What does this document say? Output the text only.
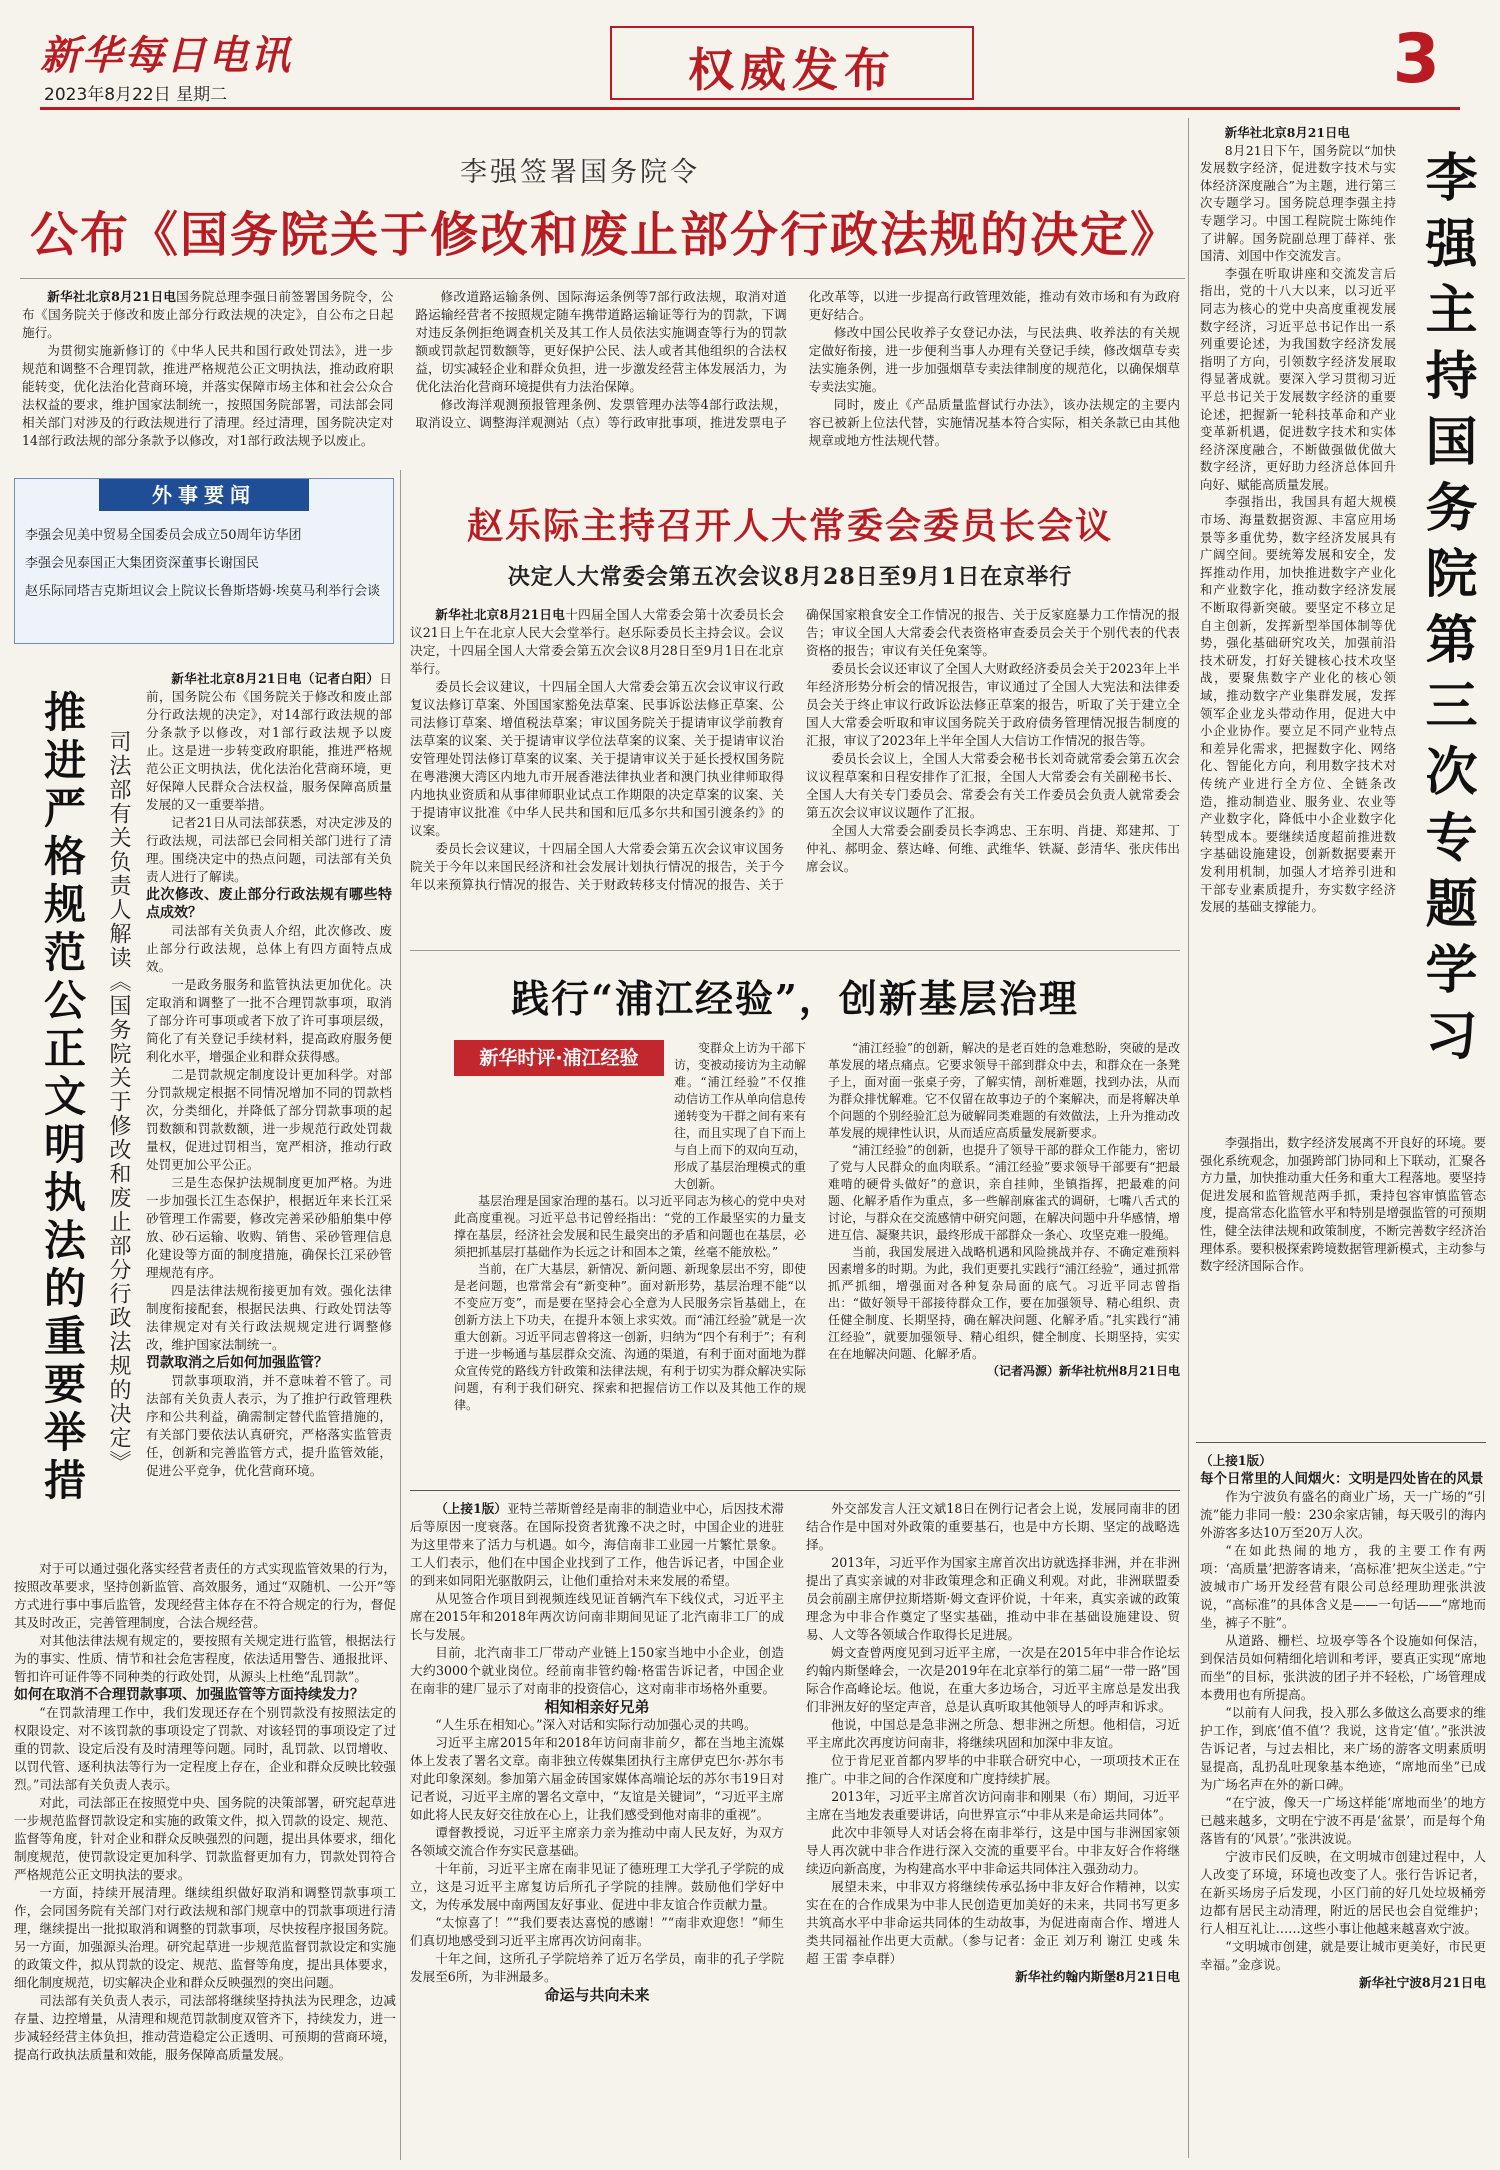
新华每日电讯
2023年8月22日 星期二	权威发布	3
李强签署国务院令
公布《国务院关于修改和废止部分行政法规的决定》

新华社北京8月21日电国务院总理李强日前签署国务院令，公布《国务院关于修改和废止部分行政法规的决定》，自公布之日起施行。

为贯彻实施新修订的《中华人民共和国行政处罚法》，进一步规范和调整不合理罚款，推进严格规范公正文明执法，推动政府职能转变，优化法治化营商环境，并落实保障市场主体和社会公众合法权益的要求，维护国家法制统一，按照国务院部署，司法部会同相关部门对涉及的行政法规进行了清理。经过清理，国务院决定对14部行政法规的部分条款予以修改，对1部行政法规予以废止。

修改道路运输条例、国际海运条例等7部行政法规，取消对道路运输经营者不按照规定随车携带道路运输证等行为的罚款，下调对违反条例拒绝调查机关及其工作人员依法实施调查等行为的罚款额或罚款起罚数额等，更好保护公民、法人或者其他组织的合法权益，切实减轻企业和群众负担，进一步激发经营主体发展活力，为优化法治化营商环境提供有力法治保障。

修改海洋观测预报管理条例、发票管理办法等4部行政法规，取消设立、调整海洋观测站（点）等行政审批事项，推进发票电子化改革等，以进一步提高行政管理效能，推动有效市场和有为政府更好结合。

修改中国公民收养子女登记办法，与民法典、收养法的有关规定做好衔接，进一步便利当事人办理有关登记手续，修改烟草专卖法实施条例，进一步加强烟草专卖法律制度的规范化，以确保烟草专卖法实施。

同时，废止《产品质量监督试行办法》，该办法规定的主要内容已被新上位法代替，实施情况基本符合实际，相关条款已由其他规章或地方性法规代替。

外事要闻
李强会见美中贸易全国委员会成立50周年访华团
李强会见泰国正大集团资深董事长谢国民
赵乐际同塔吉克斯坦议会上院议长鲁斯塔姆·埃莫马利举行会谈
赵乐际主持召开人大常委会委员长会议
决定人大常委会第五次会议8月28日至9月1日在京举行

新华社北京8月21日电十四届全国人大常委会第十次委员长会议21日上午在北京人民大会堂举行。赵乐际委员长主持会议。会议决定，十四届全国人大常委会第五次会议8月28日至9月1日在北京举行。

委员长会议建议，十四届全国人大常委会第五次会议审议行政复议法修订草案、外国国家豁免法草案、民事诉讼法修正草案、公司法修订草案、增值税法草案；审议国务院关于提请审议学前教育法草案的议案、关于提请审议学位法草案的议案、关于提请审议治安管理处罚法修订草案的议案、关于提请审议关于延长授权国务院在粤港澳大湾区内地九市开展香港法律执业者和澳门执业律师取得内地执业资质和从事律师职业试点工作期限的决定草案的议案、关于提请审议批准《中华人民共和国和厄瓜多尔共和国引渡条约》的议案。

委员长会议建议，十四届全国人大常委会第五次会议审议国务院关于今年以来国民经济和社会发展计划执行情况的报告，关于今年以来预算执行情况的报告、关于财政转移支付情况的报告、关于确保国家粮食安全工作情况的报告、关于反家庭暴力工作情况的报告；审议全国人大常委会代表资格审查委员会关于个别代表的代表资格的报告；审议有关任免案等。

委员长会议还审议了全国人大财政经济委员会关于2023年上半年经济形势分析会的情况报告，审议通过了全国人大宪法和法律委员会关于终止审议行政诉讼法修正草案的报告，听取了关于建立全国人大常委会听取和审议国务院关于政府债务管理情况报告制度的汇报，审议了2023年上半年全国人大信访工作情况的报告等。

委员长会议上，全国人大常委会秘书长刘奇就常委会第五次会议议程草案和日程安排作了汇报，全国人大常委会有关副秘书长、全国人大有关专门委员会、常委会有关工作委员会负责人就常委会第五次会议审议议题作了汇报。

全国人大常委会副委员长李鸿忠、王东明、肖捷、郑建邦、丁仲礼、郝明金、蔡达峰、何维、武维华、铁凝、彭清华、张庆伟出席会议。

推进严格规范公正文明执法的重要举措 司法部有关负责人解读《国务院关于修改和废止部分行政法规的决定》

新华社北京8月21日电（记者白阳）日前，国务院公布《国务院关于修改和废止部分行政法规的决定》，对14部行政法规的部分条款予以修改，对1部行政法规予以废止。这是进一步转变政府职能，推进严格规范公正文明执法，优化法治化营商环境，更好保障人民群众合法权益，服务保障高质量发展的又一重要举措。

记者21日从司法部获悉，对决定涉及的行政法规，司法部已会同相关部门进行了清理。围绕决定中的热点问题，司法部有关负责人进行了解读。

此次修改、废止部分行政法规有哪些特点成效？

司法部有关负责人介绍，此次修改、废止部分行政法规，总体上有四方面特点成效。

一是政务服务和监管执法更加优化。决定取消和调整了一批不合理罚款事项，取消了部分许可事项或者下放了许可事项层级，简化了有关登记手续材料，提高政府服务便利化水平，增强企业和群众获得感。

二是罚款规定制度设计更加科学。对部分罚款规定根据不同情况增加不同的罚款档次，分类细化，并降低了部分罚款事项的起罚数额和罚款数额，进一步规范行政处罚裁量权，促进过罚相当，宽严相济，推动行政处罚更加公平公正。

三是生态保护法规制度更加严格。为进一步加强长江生态保护，根据近年来长江采砂管理工作需要，修改完善采砂船舶集中停放、砂石运输、收购、销售、采砂管理信息化建设等方面的制度措施，确保长江采砂管理规范有序。

四是法律法规衔接更加有效。强化法律制度衔接配套，根据民法典、行政处罚法等法律规定对有关行政法规规定进行调整修改，维护国家法制统一。

罚款取消之后如何加强监管？

罚款事项取消，并不意味着不管了。司法部有关负责人表示，为了推护行政管理秩序和公共利益，确需制定替代监管措施的，有关部门要依法认真研究，严格落实监管责任，创新和完善监管方式，提升监管效能，促进公平竞争，优化营商环境。

对于可以通过强化落实经营者责任的方式实现监管效果的行为，按照改革要求，坚持创新监管、高效服务，通过“双随机、一公开”等方式进行事中事后监管，发现经营主体存在不符合规定的行为，督促其及时改正，完善管理制度，合法合规经营。

对其他法律法规有规定的，要按照有关规定进行监管，根据法行为的事实、性质、情节和社会危害程度，依法适用警告、通报批评、暂扣许可证件等不同种类的行政处罚，从源头上杜绝“乱罚款”。

如何在取消不合理罚款事项、加强监管等方面持续发力？

“在罚款清理工作中，我们发现还存在个别罚款没有按照法定的权限设定、对不该罚款的事项设定了罚款、对该轻罚的事项设定了过重的罚款、设定后没有及时清理等问题。同时，乱罚款、以罚增收、以罚代管、逐利执法等行为一定程度上存在，企业和群众反映比较强烈。”司法部有关负责人表示。

对此，司法部正在按照党中央、国务院的决策部署，研究起草进一步规范监督罚款设定和实施的政策文件，拟入罚款的设定、规范、监督等角度，针对企业和群众反映强烈的问题，提出具体要求，细化制度规范，使罚款设定更加科学、罚款监督更加有力，罚款处罚符合严格规范公正文明执法的要求。

一方面，持续开展清理。继续组织做好取消和调整罚款事项工作，会同国务院有关部门对行政法规和部门规章中的罚款事项进行清理，继续提出一批拟取消和调整的罚款事项，尽快按程序报国务院。另一方面，加强源头治理。研究起草进一步规范监督罚款设定和实施的政策文件，拟从罚款的设定、规范、监督等角度，提出具体要求，细化制度规范，切实解决企业和群众反映强烈的突出问题。

司法部有关负责人表示，司法部将继续坚持执法为民理念，边减存量、边控增量，从清理和规范罚款制度双管齐下，持续发力，进一步减轻经营主体负担，推动营造稳定公正透明、可预期的营商环境，提高行政执法质量和效能，服务保障高质量发展。

践行“浦江经验”，创新基层治理
新华时评·浦江经验	变群众上访为干部下访，变被动接访为主动解难。“浦江经验”不仅推动信访工作从单向信息传递转变为干群之间有来有往，而且实现了自下而上与自上而下的双向互动，形成了基层治理模式的重大创新。

基层治理是国家治理的基石。以习近平同志为核心的党中央对此高度重视。习近平总书记曾经指出：“党的工作最坚实的力量支撑在基层，经济社会发展和民生最突出的矛盾和问题也在基层，必须把抓基层打基础作为长远之计和固本之策，丝毫不能放松。”

当前，在广大基层，新情况、新问题、新现象层出不穷，即使是老问题，也常常会有“新变种”。面对新形势，基层治理不能“以不变应万变”，而是要在坚持会心全意为人民服务宗旨基础上，在创新方法上下功夫，在提升本领上求实效。而“浦江经验”就是一次重大创新。习近平同志曾将这一创新，归纳为“四个有利于”；有利于进一步畅通与基层群众交流、沟通的渠道，有利于面对面地为群众宣传党的路线方针政策和法律法规，有利于切实为群众解决实际问题，有利于我们研究、探索和把握信访工作以及其他工作的规律。

“浦江经验”的创新，解决的是老百姓的急难愁盼，突破的是改革发展的堵点痛点。它要求领导干部到群众中去，和群众在一条凳子上，面对面一张桌子旁，了解实情，剖析难题，找到办法，从而为群众排忧解难。它不仅留在故事边子的个案解决，而是将解决单个问题的个别经验汇总为破解同类难题的有效做法，上升为推动改革发展的规律性认识，从而适应高质量发展新要求。

“浦江经验”的创新，也提升了领导干部的群众工作能力，密切了党与人民群众的血肉联系。“浦江经验”要求领导干部要有“把最难啃的硬骨头做好”的意识，亲自挂帅，坐镇指挥，把最难的问题、化解矛盾作为重点，多一些解剖麻雀式的调研，七嘴八舌式的讨论，与群众在交流感情中研究问题，在解决问题中升华感情，增进互信、凝聚共识，最终形成干部群众一条心、攻坚克难一股绳。

当前，我国发展进入战略机遇和风险挑战并存、不确定难预料因素增多的时期。为此，我们更要扎实践行“浦江经验”，通过抓常抓严抓细，增强面对各种复杂局面的底气。习近平同志曾指出：“做好领导干部接待群众工作，要在加强领导、精心组织、责任健全制度、长期坚持，确在解决问题、化解矛盾。”扎实践行“浦江经验”，就要加强领导、精心组织，健全制度、长期坚持，实实在在地解决问题、化解矛盾。

（记者冯源）新华社杭州8月21日电

（上接1版）亚特兰蒂斯曾经是南非的制造业中心，后因技术滞后等原因一度衰落。在国际投资者犹豫不决之时，中国企业的进驻为这里带来了活力与机遇。如今，海信南非工业园一片繁忙景象。工人们表示，他们在中国企业找到了工作，他告诉记者，中国企业的到来如同阳光驱散阴云，让他们重拾对未来发展的希望。

从见签合作项目到视频连线见证首辆汽车下线仪式，习近平主席在2015年和2018年两次访问南非期间见证了北汽南非工厂的成长与发展。

目前，北汽南非工厂带动产业链上150家当地中小企业，创造大约3000个就业岗位。经前南非管约翰·格雷告诉记者，中国企业在南非的建厂显示了对南非的投资信心，这对南非市场格外重要。

相知相亲好兄弟

“人生乐在相知心。”深入对话和实际行动加强心灵的共鸣。

习近平主席2015年和2018年访问南非前夕，都在当地主流媒体上发表了署名文章。南非独立传媒集团执行主席伊克巴尔·苏尔韦对此印象深刻。参加第六届金砖国家媒体高端论坛的苏尔韦19日对记者说，习近平主席的署名文章中，“友谊是关键词”，“习近平主席如此将人民友好交往放在心上，让我们感受到他对南非的重视”。

谭督教授说，习近平主席亲力亲为推动中南人民友好，为双方各领域交流合作夯实民意基础。

十年前，习近平主席在南非见证了德班理工大学孔子学院的成立，这是习近平主席复访后所孔子学院的挂牌。鼓励他们学好中文，为传承发展中南两国友好事业、促进中非友谊合作贡献力量。

“太惊喜了！”“我们要表达喜悦的感谢！”“南非欢迎您！”师生们真切地感受到习近平主席再次访问南非。

十年之间，这所孔子学院培养了近万名学员，南非的孔子学院发展至6所，为非洲最多。

命运与共向未来

外交部发言人汪文斌18日在例行记者会上说，发展同南非的团结合作是中国对外政策的重要基石，也是中方长期、坚定的战略选择。

2013年，习近平作为国家主席首次出访就选择非洲，并在非洲提出了真实亲诚的对非政策理念和正确义利观。对此，非洲联盟委员会前副主席伊拉斯塔斯·姆文查评价说，十年来，真实亲诚的政策理念为中非合作奠定了坚实基础，推动中非在基础设施建设、贸易、人文等各领域合作取得长足进展。

姆文查曾两度见到习近平主席，一次是在2015年中非合作论坛约翰内斯堡峰会，一次是2019年在北京举行的第二届“一带一路”国际合作高峰论坛。他说，在重大多边场合，习近平主席总是发出我们非洲友好的坚定声音，总是认真听取其他领导人的呼声和诉求。

他说，中国总是急非洲之所急、想非洲之所想。他相信，习近平主席此次再度访问南非，将继续巩固和加深中非友谊。

位于肯尼亚首都内罗毕的中非联合研究中心，一项项技术正在推广。中非之间的合作深度和广度持续扩展。

2013年，习近平主席首次访问南非和刚果（布）期间，习近平主席在当地发表重要讲话，向世界宣示“中非从来是命运共同体”。

此次中非领导人对话会将在南非举行，这是中国与非洲国家领导人再次就中非合作进行深入交流的重要平台。中非友好合作将继续迈向新高度，为构建高水平中非命运共同体注入强劲动力。

展望未来，中非双方将继续传承弘扬中非友好合作精神，以实实在在的合作成果为中非人民创造更加美好的未来，共同书写更多共筑高水平中非命运共同体的生动故事，为促进南南合作、增进人类共同福祉作出更大贡献。（参与记者：金正 刘万利 谢江 史彧 朱超 王雷 李卓群）

新华社约翰内斯堡8月21日电

李强主持国务院第三次专题学习

新华社北京8月21日电

8月21日下午，国务院以“加快发展数字经济，促进数字技术与实体经济深度融合”为主题，进行第三次专题学习。国务院总理李强主持专题学习。中国工程院院士陈纯作了讲解。国务院副总理丁薛祥、张国清、刘国中作交流发言。

李强在听取讲座和交流发言后指出，党的十八大以来，以习近平同志为核心的党中央高度重视发展数字经济，习近平总书记作出一系列重要论述，为我国数字经济发展指明了方向，引领数字经济发展取得显著成就。要深入学习贯彻习近平总书记关于发展数字经济的重要论述，把握新一轮科技革命和产业变革新机遇，促进数字技术和实体经济深度融合，不断做强做优做大数字经济，更好助力经济总体回升向好、赋能高质量发展。

李强指出，我国具有超大规模市场、海量数据资源、丰富应用场景等多重优势，数字经济发展具有广阔空间。要统筹发展和安全，发挥推动作用，加快推进数字产业化和产业数字化，推动数字经济发展不断取得新突破。要坚定不移立足自主创新，发挥新型举国体制等优势，强化基础研究攻关，加强前沿技术研发，打好关键核心技术攻坚战，要聚焦数字产业化的核心领域，推动数字产业集群发展，发挥领军企业龙头带动作用，促进大中小企业协作。要立足不同产业特点和差异化需求，把握数字化、网络化、智能化方向，利用数字技术对传统产业进行全方位、全链条改造，推动制造业、服务业、农业等产业数字化，降低中小企业数字化转型成本。要继续适度超前推进数字基础设施建设，创新数据要素开发利用机制，加强人才培养引进和干部专业素质提升，夯实数字经济发展的基础支撑能力。

李强指出，数字经济发展离不开良好的环境。要强化系统观念，加强跨部门协同和上下联动，汇聚各方力量，加快推动重大任务和重大工程落地。要坚持促进发展和监管规范两手抓，秉持包容审慎监管态度，提高常态化监管水平和特别是增强监管的可预期性，健全法律法规和政策制度，不断完善数字经济治理体系。要积极探索跨境数据管理新模式，主动参与数字经济国际合作。

（上接1版）

每个日常里的人间烟火：文明是四处皆在的风景

作为宁波负有盛名的商业广场，天一广场的“引流”能力非同一般：230余家店铺，每天吸引的海内外游客多达10万至20万人次。

“在如此热闹的地方，我的主要工作有两项：‘高质量’把游客请来，‘高标准’把灰尘送走。”宁波城市广场开发经营有限公司总经理助理张洪波说，“高标准”的具体含义是——一句话——“席地而坐，裤子不脏”。

从道路、栅栏、垃圾亭等各个设施如何保洁，到保洁员如何精细化培训和考评，要真正实现“席地而坐”的目标，张洪波的团子并不轻松，广场管理成本费用也有所提高。

“以前有人问我，投入那么多做这么高要求的维护工作，到底‘值不值’？我说，这肯定‘值’。”张洪波告诉记者，与过去相比，来广场的游客文明素质明显提高，乱扔乱吐现象基本绝迹，“席地而坐”已成为广场名声在外的新口碑。

“在宁波，像天一广场这样能‘席地而坐’的地方已越来越多，文明在宁波不再是‘盆景’，而是每个角落皆有的‘风景’。”张洪波说。

宁波市民们反映，在文明城市创建过程中，人人改变了环境，环境也改变了人。张行告诉记者，在新买场房子后发现，小区门前的好几处垃圾桶旁边都有居民主动清理，附近的居民也会自觉维护；行人相互礼让……这些小事让他越来越喜欢宁波。

“文明城市创建，就是要让城市更美好，市民更幸福。”金彦说。

新华社宁波8月21日电
